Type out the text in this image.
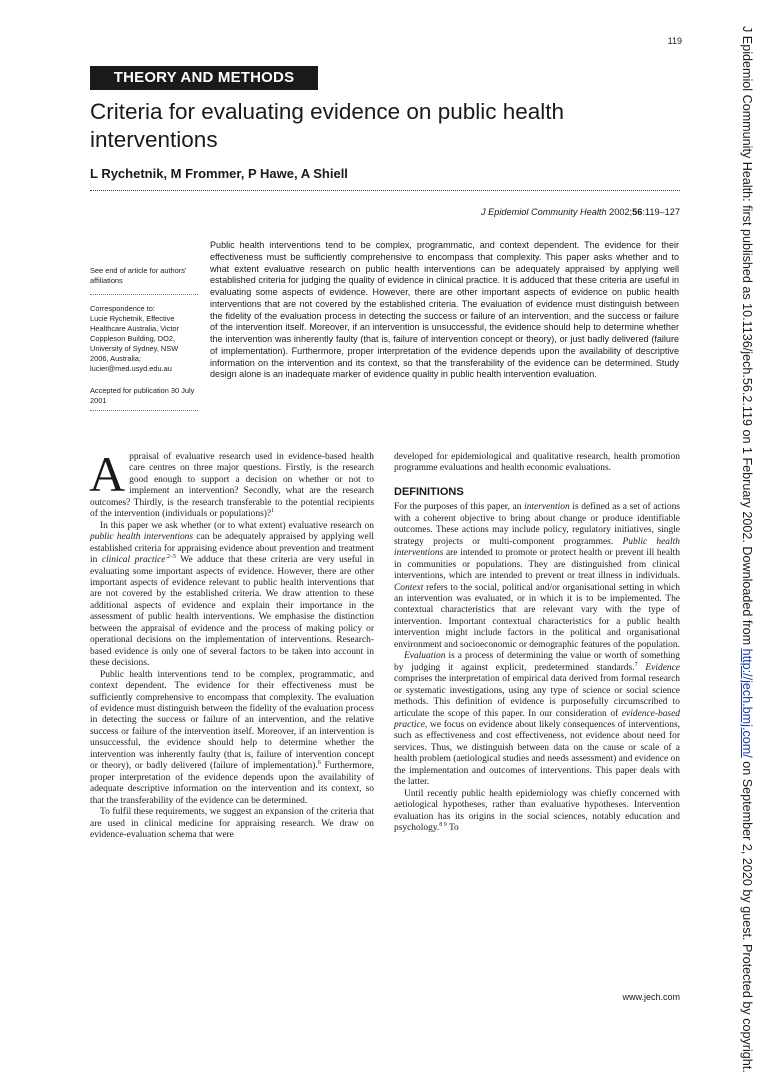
119
THEORY AND METHODS
Criteria for evaluating evidence on public health interventions
L Rychetnik, M Frommer, P Hawe, A Shiell
J Epidemiol Community Health 2002;56:119–127
Public health interventions tend to be complex, programmatic, and context dependent. The evidence for their effectiveness must be sufficiently comprehensive to encompass that complexity. This paper asks whether and to what extent evaluative research on public health interventions can be adequately appraised by applying well established criteria for judging the quality of evidence in clinical practice. It is adduced that these criteria are useful in evaluating some aspects of evidence. However, there are other important aspects of evidence on public health interventions that are not covered by the established criteria. The evaluation of evidence must distinguish between the fidelity of the evaluation process in detecting the success or failure of an intervention, and the success or failure of the intervention itself. Moreover, if an intervention is unsuccessful, the evidence should help to determine whether the intervention was inherently faulty (that is, failure of intervention concept or theory), or just badly delivered (failure of implementation). Furthermore, proper interpretation of the evidence depends upon the availability of descriptive information on the intervention and its context, so that the transferability of the evidence can be determined. Study design alone is an inadequate marker of evidence quality in public health intervention evaluation.
See end of article for authors' affiliations
Correspondence to:
Lucie Rychetnik, Effective Healthcare Australia, Victor Coppleson Building, DO2, University of Sydney, NSW 2006, Australia; lucier@med.usyd.edu.au
Accepted for publication 30 July 2001

Appraisal of evaluative research used in evidence-based health care centres on three major questions. Firstly, is the research good enough to support a decision on whether or not to implement an intervention? Secondly, what are the research outcomes? Thirdly, is the research transferable to the potential recipients of the intervention (individuals or populations)?$^1$

In this paper we ask whether (or to what extent) evaluative research on public health interventions can be adequately appraised by applying well established criteria for appraising evidence about prevention and treatment in clinical practice$^{.2-5}$ We adduce that these criteria are very useful in evaluating some important aspects of evidence. However, there are other important aspects of evidence relevant to public health interventions that are not covered by the established criteria. We draw attention to these additional aspects of evidence and explain their importance in the assessment of public health interventions. We emphasise the distinction between the appraisal of evidence and the process of making policy or operational decisions on the implementation of interventions. Research-based evidence is only one of several factors to be taken into account in these decisions.

Public health interventions tend to be complex, programmatic, and context dependent. The evidence for their effectiveness must be sufficiently comprehensive to encompass that complexity. The evaluation of evidence must distinguish between the fidelity of the evaluation process in detecting the success or failure of an intervention, and the relative success or failure of the intervention itself. Moreover, if an intervention is unsuccessful, the evidence should help to determine whether the intervention was inherently faulty (that is, failure of intervention concept or theory), or badly delivered (failure of implementation).$^6$ Furthermore, proper interpretation of the evidence depends upon the availability of adequate descriptive information on the intervention and its context, so that the transferability of the evidence can be determined.

To fulfil these requirements, we suggest an expansion of the criteria that are used in clinical medicine for appraising research. We draw on evidence-evaluation schema that were

developed for epidemiological and qualitative research, health promotion programme evaluations and health economic evaluations.

DEFINITIONS

For the purposes of this paper, an intervention is defined as a set of actions with a coherent objective to bring about change or produce identifiable outcomes. These actions may include policy, regulatory initiatives, single strategy projects or multi-component programmes. Public health interventions are intended to promote or protect health or prevent ill health in communities or populations. They are distinguished from clinical interventions, which are intended to prevent or treat illness in individuals. Context refers to the social, political and/or organisational setting in which an intervention was evaluated, or in which it is to be implemented. The contextual characteristics that are relevant vary with the type of intervention. Important contextual characteristics for a public health intervention might include factors in the political and organisational environment and socioeconomic or demographic features of the population.

Evaluation is a process of determining the value or worth of something by judging it against explicit, predetermined standards.$^7$ Evidence comprises the interpretation of empirical data derived from formal research or systematic investigations, using any type of science or social science methods. This definition of evidence is purposefully circumscribed to articulate the scope of this paper. In our consideration of evidence-based practice, we focus on evidence about likely consequences of interventions, such as effectiveness and cost effectiveness, not evidence about need for services. Thus, we distinguish between data on the cause or scale of a health problem (aetiological studies and needs assessment) and evidence on the implementation and outcomes of interventions. This paper deals with the latter.

Until recently public health epidemiology was chiefly concerned with aetiological hypotheses, rather than evaluative hypotheses. Intervention evaluation has its origins in the social sciences, notably education and psychology.$^{8 9}$ To

www.jech.com
J Epidemiol Community Health: first published as 10.1136/jech.56.2.119 on 1 February 2002. Downloaded from http://jech.bmj.com/ on September 2, 2020 by guest. Protected by copyright.
